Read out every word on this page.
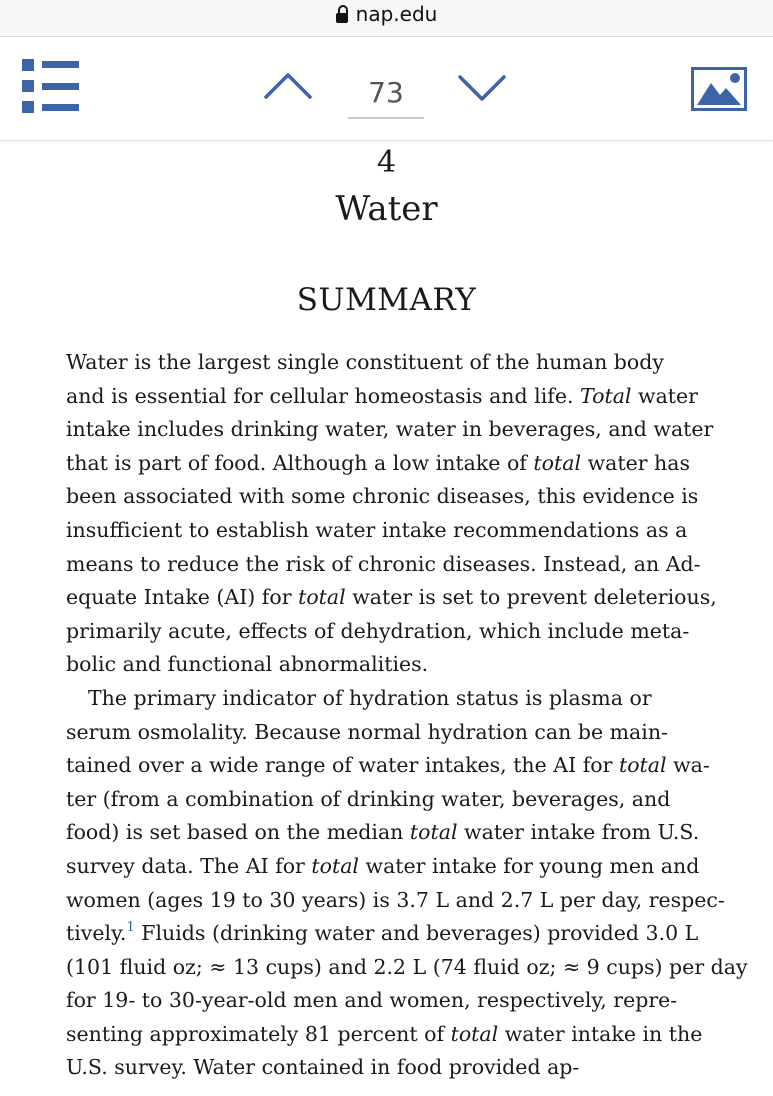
nap.edu
73
4
Water
SUMMARY
Water is the largest single constituent of the human body
and is essential for cellular homeostasis and life. Total water
intake includes drinking water, water in beverages, and water
that is part of food. Although a low intake of total water has
been associated with some chronic diseases, this evidence is
insufficient to establish water intake recommendations as a
means to reduce the risk of chronic diseases. Instead, an Ad-
equate Intake (AI) for total water is set to prevent deleterious,
primarily acute, effects of dehydration, which include meta-
bolic and functional abnormalities.
The primary indicator of hydration status is plasma or
serum osmolality. Because normal hydration can be main-
tained over a wide range of water intakes, the AI for total wa-
ter (from a combination of drinking water, beverages, and
food) is set based on the median total water intake from U.S.
survey data. The AI for total water intake for young men and
women (ages 19 to 30 years) is 3.7 L and 2.7 L per day, respec-
tively.$^1$ Fluids (drinking water and beverages) provided 3.0 L
(101 fluid oz; ≈ 13 cups) and 2.2 L (74 fluid oz; ≈ 9 cups) per day
for 19- to 30-year-old men and women, respectively, repre-
senting approximately 81 percent of total water intake in the
U.S. survey. Water contained in food provided ap-
